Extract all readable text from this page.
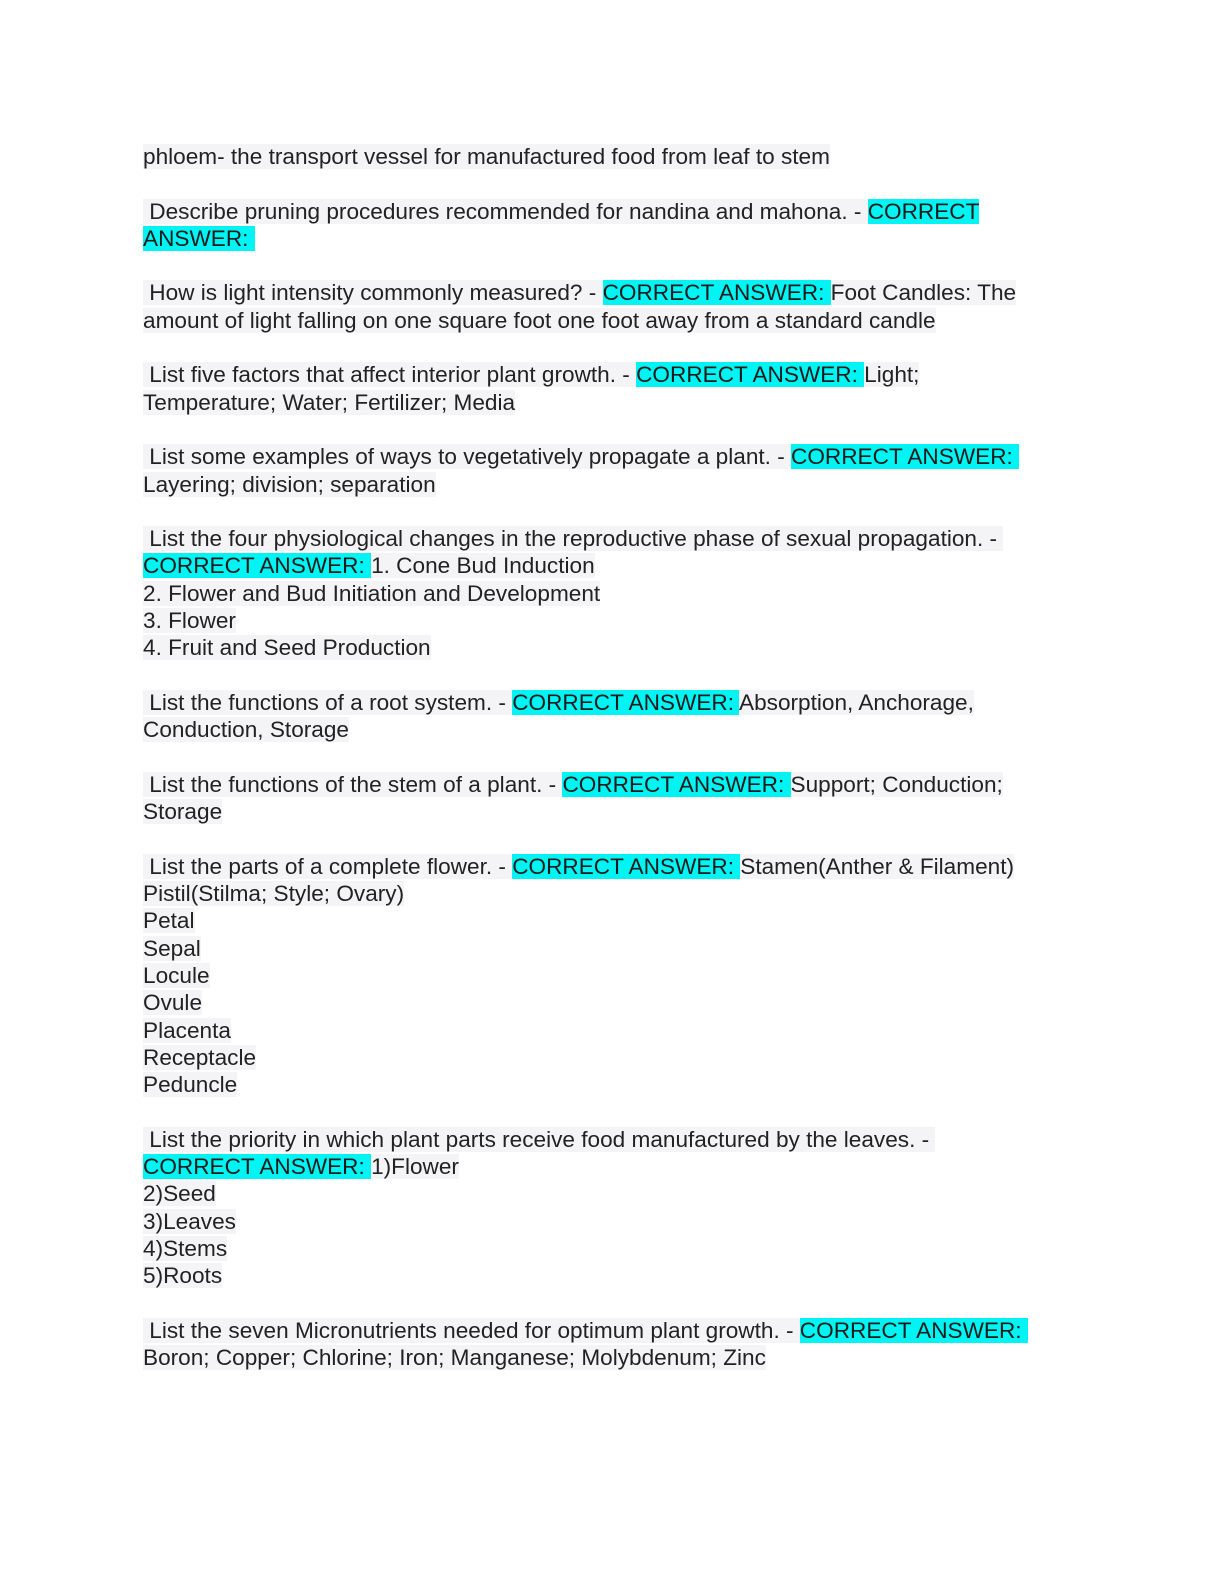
phloem- the transport vessel for manufactured food from leaf to stem
Describe pruning procedures recommended for nandina and mahona. - CORRECT
ANSWER:
How is light intensity commonly measured? - CORRECT ANSWER: Foot Candles: The
amount of light falling on one square foot one foot away from a standard candle
List five factors that affect interior plant growth. - CORRECT ANSWER: Light;
Temperature; Water; Fertilizer; Media
List some examples of ways to vegetatively propagate a plant. - CORRECT ANSWER:
Layering; division; separation
List the four physiological changes in the reproductive phase of sexual propagation. -
CORRECT ANSWER: 1. Cone Bud Induction
2. Flower and Bud Initiation and Development
3. Flower
4. Fruit and Seed Production
List the functions of a root system. - CORRECT ANSWER: Absorption, Anchorage,
Conduction, Storage
List the functions of the stem of a plant. - CORRECT ANSWER: Support; Conduction;
Storage
List the parts of a complete flower. - CORRECT ANSWER: Stamen(Anther & Filament)
Pistil(Stilma; Style; Ovary)
Petal
Sepal
Locule
Ovule
Placenta
Receptacle
Peduncle
List the priority in which plant parts receive food manufactured by the leaves. -
CORRECT ANSWER: 1)Flower
2)Seed
3)Leaves
4)Stems
5)Roots
List the seven Micronutrients needed for optimum plant growth. - CORRECT ANSWER:
Boron; Copper; Chlorine; Iron; Manganese; Molybdenum; Zinc
